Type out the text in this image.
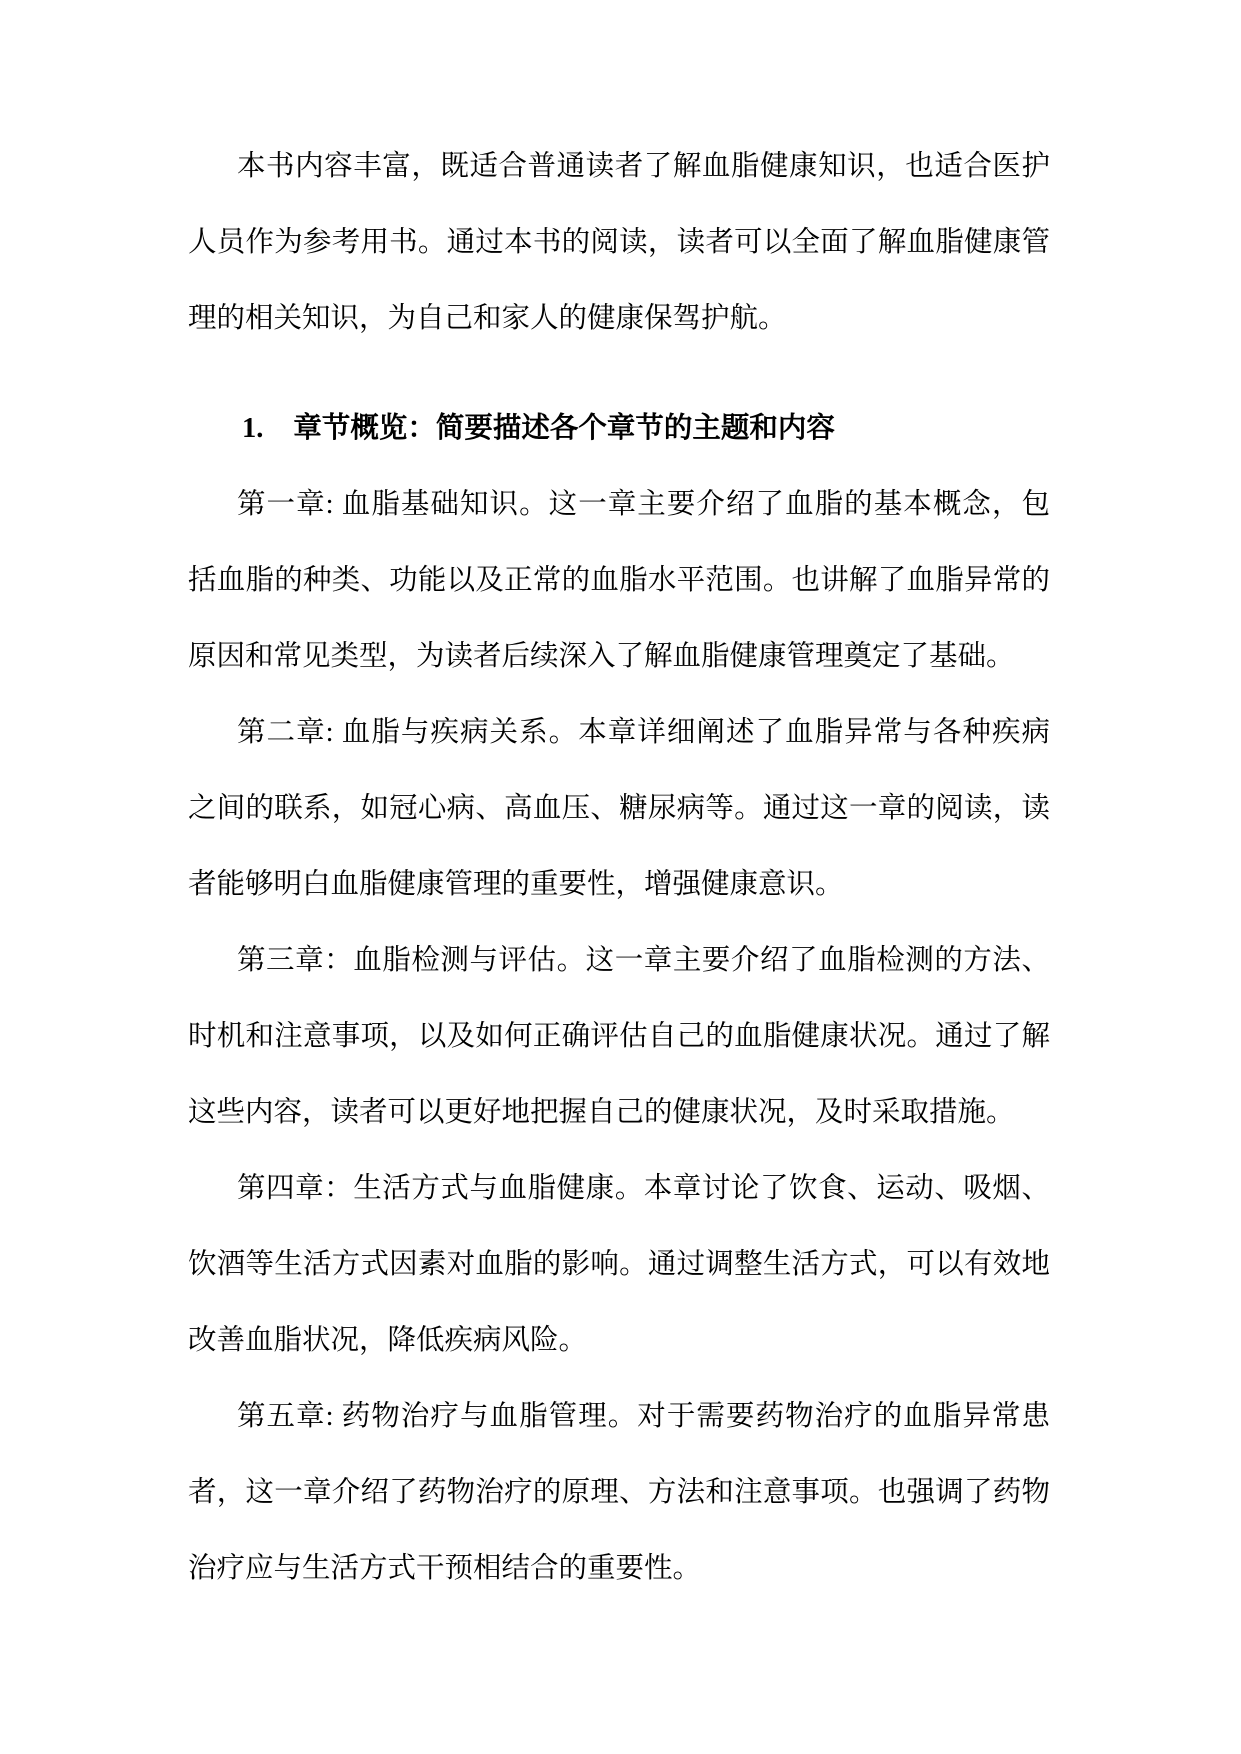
本书内容丰富，既适合普通读者了解血脂健康知识，也适合医护人员作为参考用书。通过本书的阅读，读者可以全面了解血脂健康管理的相关知识，为自己和家人的健康保驾护航。

1. 章节概览：简要描述各个章节的主题和内容

第一章: 血脂基础知识。这一章主要介绍了血脂的基本概念，包括血脂的种类、功能以及正常的血脂水平范围。也讲解了血脂异常的原因和常见类型，为读者后续深入了解血脂健康管理奠定了基础。

第二章: 血脂与疾病关系。本章详细阐述了血脂异常与各种疾病之间的联系，如冠心病、高血压、糖尿病等。通过这一章的阅读，读者能够明白血脂健康管理的重要性，增强健康意识。

第三章：血脂检测与评估。这一章主要介绍了血脂检测的方法、时机和注意事项，以及如何正确评估自己的血脂健康状况。通过了解这些内容，读者可以更好地把握自己的健康状况，及时采取措施。

第四章：生活方式与血脂健康。本章讨论了饮食、运动、吸烟、饮酒等生活方式因素对血脂的影响。通过调整生活方式，可以有效地改善血脂状况，降低疾病风险。

第五章: 药物治疗与血脂管理。对于需要药物治疗的血脂异常患者，这一章介绍了药物治疗的原理、方法和注意事项。也强调了药物治疗应与生活方式干预相结合的重要性。
